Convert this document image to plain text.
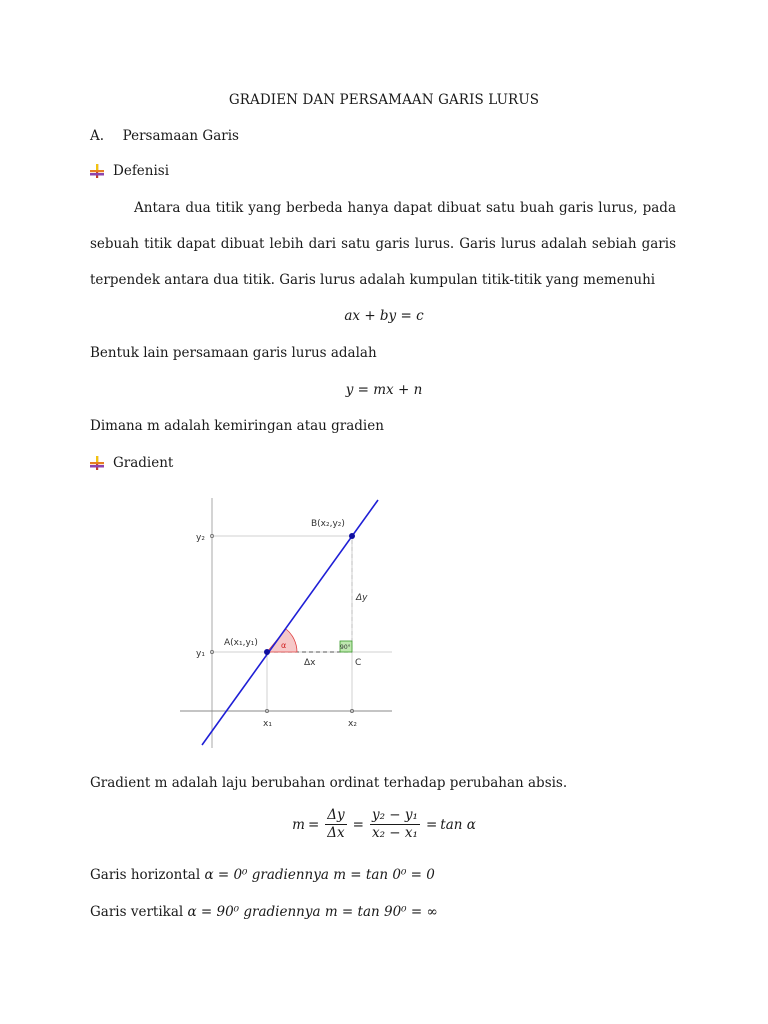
GRADIEN DAN PERSAMAAN GARIS LURUS
A. Persamaan Garis
Defenisi
Antara dua titik yang berbeda hanya dapat dibuat satu buah garis lurus, pada
sebuah titik dapat dibuat lebih dari satu garis lurus. Garis lurus adalah sebiah garis
terpendek antara dua titik. Garis lurus adalah kumpulan titik-titik yang memenuhi
ax + by = c
Bentuk lain persamaan garis lurus adalah
y = mx + n
Dimana m adalah kemiringan atau gradien
Gradient
α	90°
B(x₂,y₂)
A(x₁,y₁)
C
y₂
y₁
x₁	x₂
Δy
Δx
Gradient m adalah laju berubahan ordinat terhadap perubahan absis.
$m = \frac{\Delta y}{\Delta x} = \frac{\text{y₂ − y₁}}{\text{x₂ − x₁}} = \tan \alpha$
Garis horizontal α = 0⁰ gradiennya m = tan 0⁰ = 0
Garis vertikal α = 90⁰ gradiennya m = tan 90⁰ = ∞
